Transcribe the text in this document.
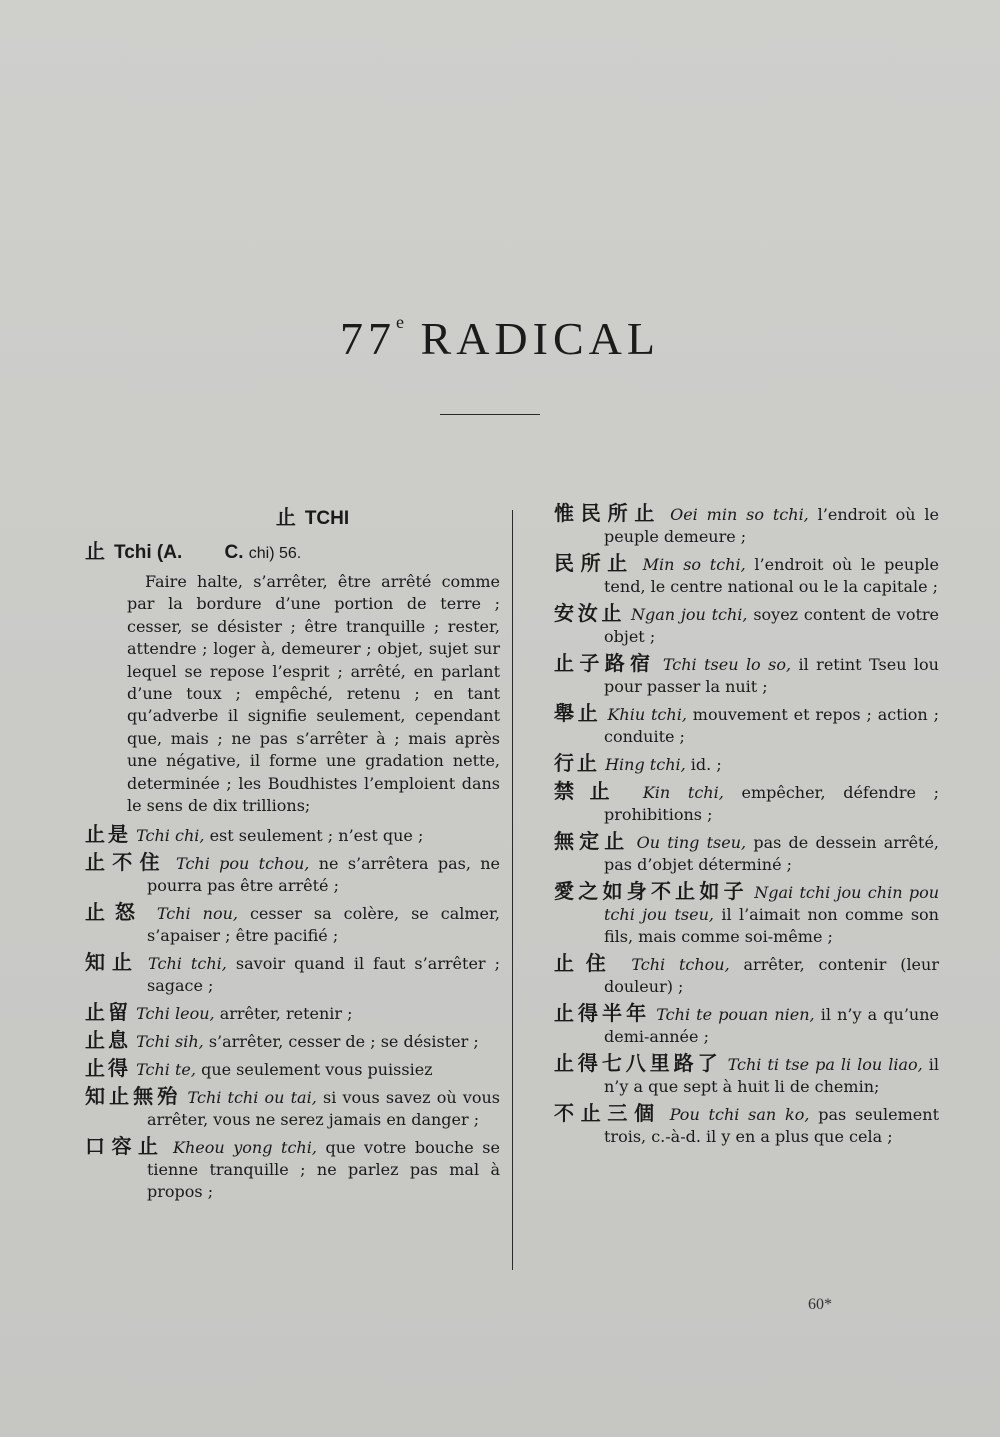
77e RADICAL
止 TCHI
止 Tchi (A. C. chi) 56.
Faire halte, s’arrêter, être arrêté comme par la bordure d’une portion de terre ; cesser, se désister ; être tranquille ; rester, attendre ; loger à, demeurer ; objet, sujet sur lequel se repose l’esprit ; arrêté, en parlant d’une toux ; empêché, retenu ; en tant qu’adverbe il signifie seulement, cependant que, mais ; ne pas s’arrêter à ; mais après une négative, il forme une gradation nette, determinée ; les Boudhistes l’emploient dans le sens de dix trillions;
止是 Tchi chi, est seulement ; n’est que ;
止不住 Tchi pou tchou, ne s’arrêtera pas, ne pourra pas être arrêté ;
止怒 Tchi nou, cesser sa colère, se calmer, s’apaiser ; être pacifié ;
知止 Tchi tchi, savoir quand il faut s’arrêter ; sagace ;
止留 Tchi leou, arrêter, retenir ;
止息 Tchi sih, s’arrêter, cesser de ; se désister ;
止得 Tchi te, que seulement vous puissiez
知止無殆 Tchi tchi ou tai, si vous savez où vous arrêter, vous ne serez jamais en danger ;
口容止 Kheou yong tchi, que votre bouche se tienne tranquille ; ne parlez pas mal à propos ;
惟民所止 Oei min so tchi, l’endroit où le peuple demeure ;
民所止 Min so tchi, l’endroit où le peuple tend, le centre national ou le la capitale ;
安汝止 Ngan jou tchi, soyez content de votre objet ;
止子路宿 Tchi tseu lo so, il retint Tseu lou pour passer la nuit ;
舉止 Khiu tchi, mouvement et repos ; action ; conduite ;
行止 Hing tchi, id. ;
禁止 Kin tchi, empêcher, défendre ; prohibitions ;
無定止 Ou ting tseu, pas de dessein arrêté, pas d’objet déterminé ;
愛之如身不止如子 Ngai tchi jou chin pou tchi jou tseu, il l’aimait non comme son fils, mais comme soi-même ;
止住 Tchi tchou, arrêter, contenir (leur douleur) ;
止得半年 Tchi te pouan nien, il n’y a qu’une demi-année ;
止得七八里路了 Tchi ti tse pa li lou liao, il n’y a que sept à huit li de chemin;
不止三個 Pou tchi san ko, pas seulement trois, c.-à-d. il y en a plus que cela ;
60*
